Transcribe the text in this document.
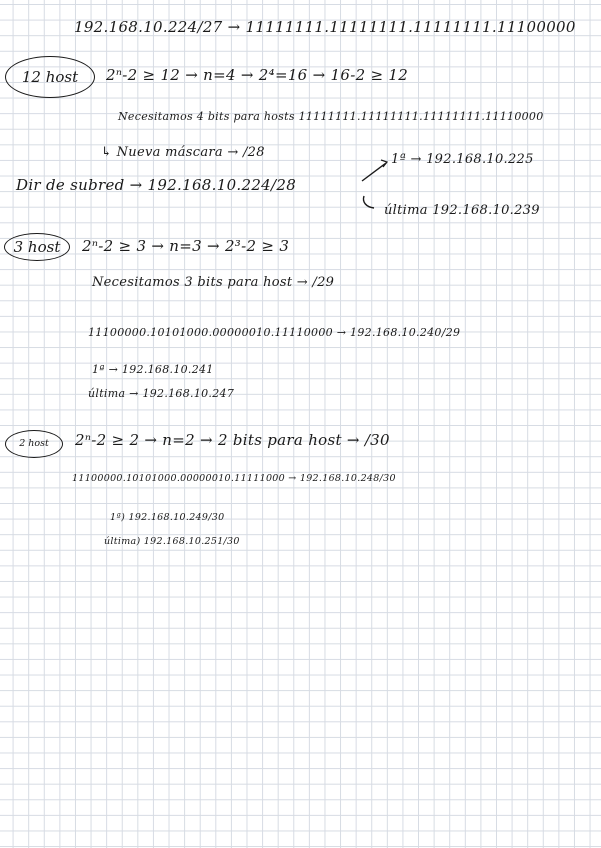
192.168.10.224/27 → 11111111.11111111.11111111.11100000
12 host	2ⁿ-2 ≥ 12 → n=4 → 2⁴=16 → 16-2 ≥ 12
Necesitamos 4 bits para hosts 11111111.11111111.11111111.11110000
↳ Nueva máscara → /28	1ª → 192.168.10.225
Dir de subred → 192.168.10.224/28
última 192.168.10.239
3 host	2ⁿ-2 ≥ 3 → n=3 → 2³-2 ≥ 3
Necesitamos 3 bits para host → /29
11100000.10101000.00000010.11110000 → 192.168.10.240/29
1ª → 192.168.10.241
última → 192.168.10.247
2 host	2ⁿ-2 ≥ 2 → n=2 → 2 bits para host → /30
11100000.10101000.00000010.11111000 → 192.168.10.248/30
1ª) 192.168.10.249/30
última) 192.168.10.251/30
